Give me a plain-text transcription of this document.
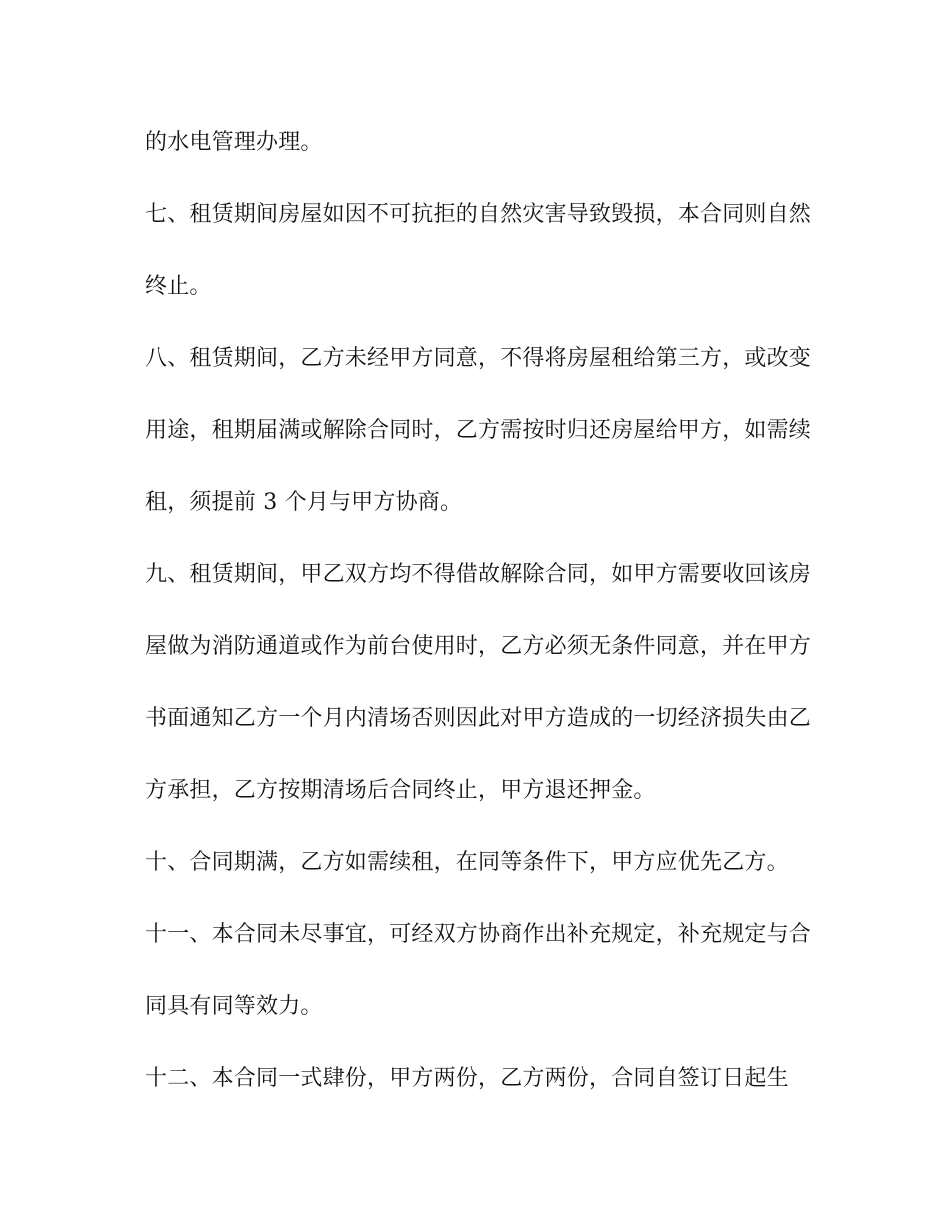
的水电管理办理。
七、租赁期间房屋如因不可抗拒的自然灾害导致毁损，本合同则自然
终止。
八、租赁期间，乙方未经甲方同意，不得将房屋租给第三方，或改变
用途，租期届满或解除合同时，乙方需按时归还房屋给甲方，如需续
租，须提前 3 个月与甲方协商。
九、租赁期间，甲乙双方均不得借故解除合同，如甲方需要收回该房
屋做为消防通道或作为前台使用时，乙方必须无条件同意，并在甲方
书面通知乙方一个月内清场否则因此对甲方造成的一切经济损失由乙
方承担，乙方按期清场后合同终止，甲方退还押金。
十、合同期满，乙方如需续租，在同等条件下，甲方应优先乙方。
十一、本合同未尽事宜，可经双方协商作出补充规定，补充规定与合
同具有同等效力。
十二、本合同一式肆份，甲方两份，乙方两份，合同自签订日起生
